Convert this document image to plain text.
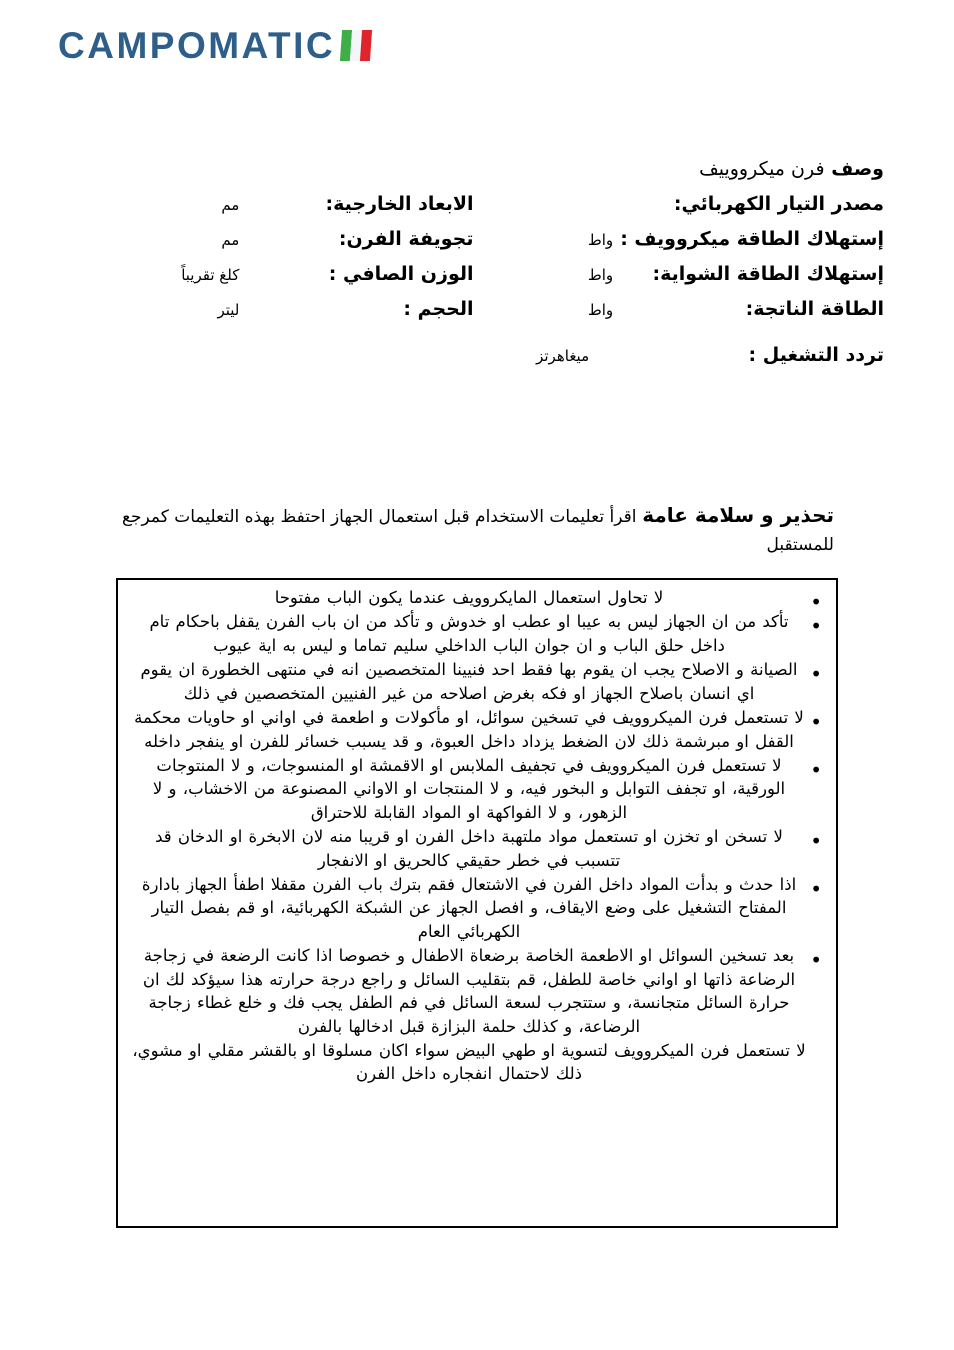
CAMPOMATIC
وصف فرن ميكرووييف
مصدر التيار الكهربائي:
الابعاد الخارجية:
مم
إستهلاك الطاقة ميكروويف :
واط
تجويفة الفرن:
مم
إستهلاك الطاقة الشواية:
واط
الوزن الصافي :
كلغ تقريباً
الطاقة الناتجة:
واط
الحجم :
ليتر
تردد التشغيل :
ميغاهرتز
تحذير و سلامة عامة اقرأ تعليمات الاستخدام قبل استعمال الجهاز احتفظ بهذه التعليمات كمرجع للمستقبل
•
لا تحاول استعمال المايكروويف عندما يكون الباب مفتوحا
•
تأكد من ان الجهاز ليس به عيبا او عطب او خدوش و تأكد من ان باب الفرن يقفل باحكام تام داخل حلق الباب و ان جوان الباب الداخلي سليم تماما و ليس به اية عيوب
•
الصيانة و الاصلاح يجب ان يقوم بها فقط احد فنيينا المتخصصين انه في منتهى الخطورة ان يقوم اي انسان باصلاح الجهاز او فكه بغرض اصلاحه من غير الفنيين المتخصصين في ذلك
•
لا تستعمل فرن الميكروويف في تسخين سوائل، او مأكولات و اطعمة في اواني او حاويات محكمة القفل او مبرشمة ذلك لان الضغط يزداد داخل العبوة، و قد يسبب خسائر للفرن او ينفجر داخله
•
لا تستعمل فرن الميكروويف في تجفيف الملابس او الاقمشة او المنسوجات، و لا المنتوجات الورقية، او تجفف التوابل و البخور فيه، و لا المنتجات او الاواني المصنوعة من الاخشاب، و لا الزهور، و لا الفواكهة او المواد القابلة للاحتراق
•
لا تسخن او تخزن او تستعمل مواد ملتهبة داخل الفرن او قريبا منه لان الابخرة او الدخان قد تتسبب في خطر حقيقي كالحريق او الانفجار
•
اذا حدث و بدأت المواد داخل الفرن في الاشتعال فقم بترك باب الفرن مقفلا اطفأ الجهاز بادارة المفتاح التشغيل على وضع الايقاف، و افصل الجهاز عن الشبكة الكهربائية، او قم بفصل التيار الكهربائي العام
•
بعد تسخين السوائل او الاطعمة الخاصة برضعاة الاطفال و خصوصا اذا كانت الرضعة في زجاجة الرضاعة ذاتها او اواني خاصة للطفل، قم بتقليب السائل و راجع درجة حرارته هذا سيؤكد لك ان حرارة السائل متجانسة، و ستتجرب لسعة السائل في فم الطفل يجب فك و خلع غطاء زجاجة الرضاعة، و كذلك حلمة البزازة قبل ادخالها بالفرن
لا تستعمل فرن الميكروويف لتسوية او طهي البيض سواء اكان مسلوقا او بالقشر مقلي او مشوي، ذلك لاحتمال انفجاره داخل الفرن
